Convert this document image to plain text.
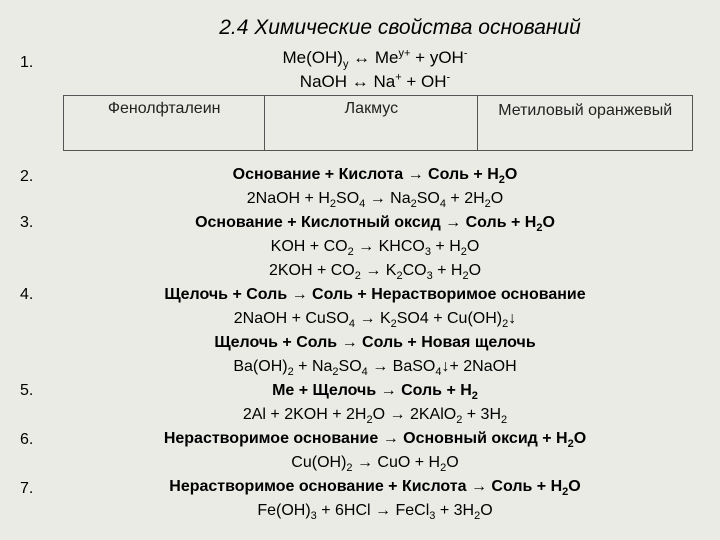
2.4 Химические свойства оснований
1.
2.
3.
4.
5.
6.
7.
$Me(OH)_y$ ↔ $Me^{y+} + yOH^-$
NaOH ↔ Na+ + OH-
Фенолфталеин	Лакмус	Метиловый оранжевый
Основание + Кислота → Соль + $H_2O$
2NaOH + $H_2SO_4 \to Na_2SO_4 + 2H_2O$
Основание + Кислотный оксид → Соль + $H_2O$
KOH + $CO_2$ → $KHCO_3 + H_2O$
$2KOH + CO_2 \to K_2CO_3 + H_2O$
Щелочь + Соль → Соль + Нерастворимое основание
2NaOH + CuSO$_4$ → $K_2SO4$ + $Cu(OH)_2↓$
Щелочь + Соль → Соль + Новая щелочь
$Ba(OH)_2 + Na_2SO_4$ → BaSO$_4$↓+ 2NaOH
Me + Щелочь → Соль + $H_2$
$2Al + 2KOH + 2H_2O$ → 2KAlO$_2$ + $3H_2$
Нерастворимое основание → Основный оксид + $H_2O$
$Cu(OH)_2$ → CuO + $H_2O$
Нерастворимое основание + Кислота → Соль + $H_2O$
$Fe(OH)_3 + 6HCl$ → FeCl$_3$ + $3H_2O$
